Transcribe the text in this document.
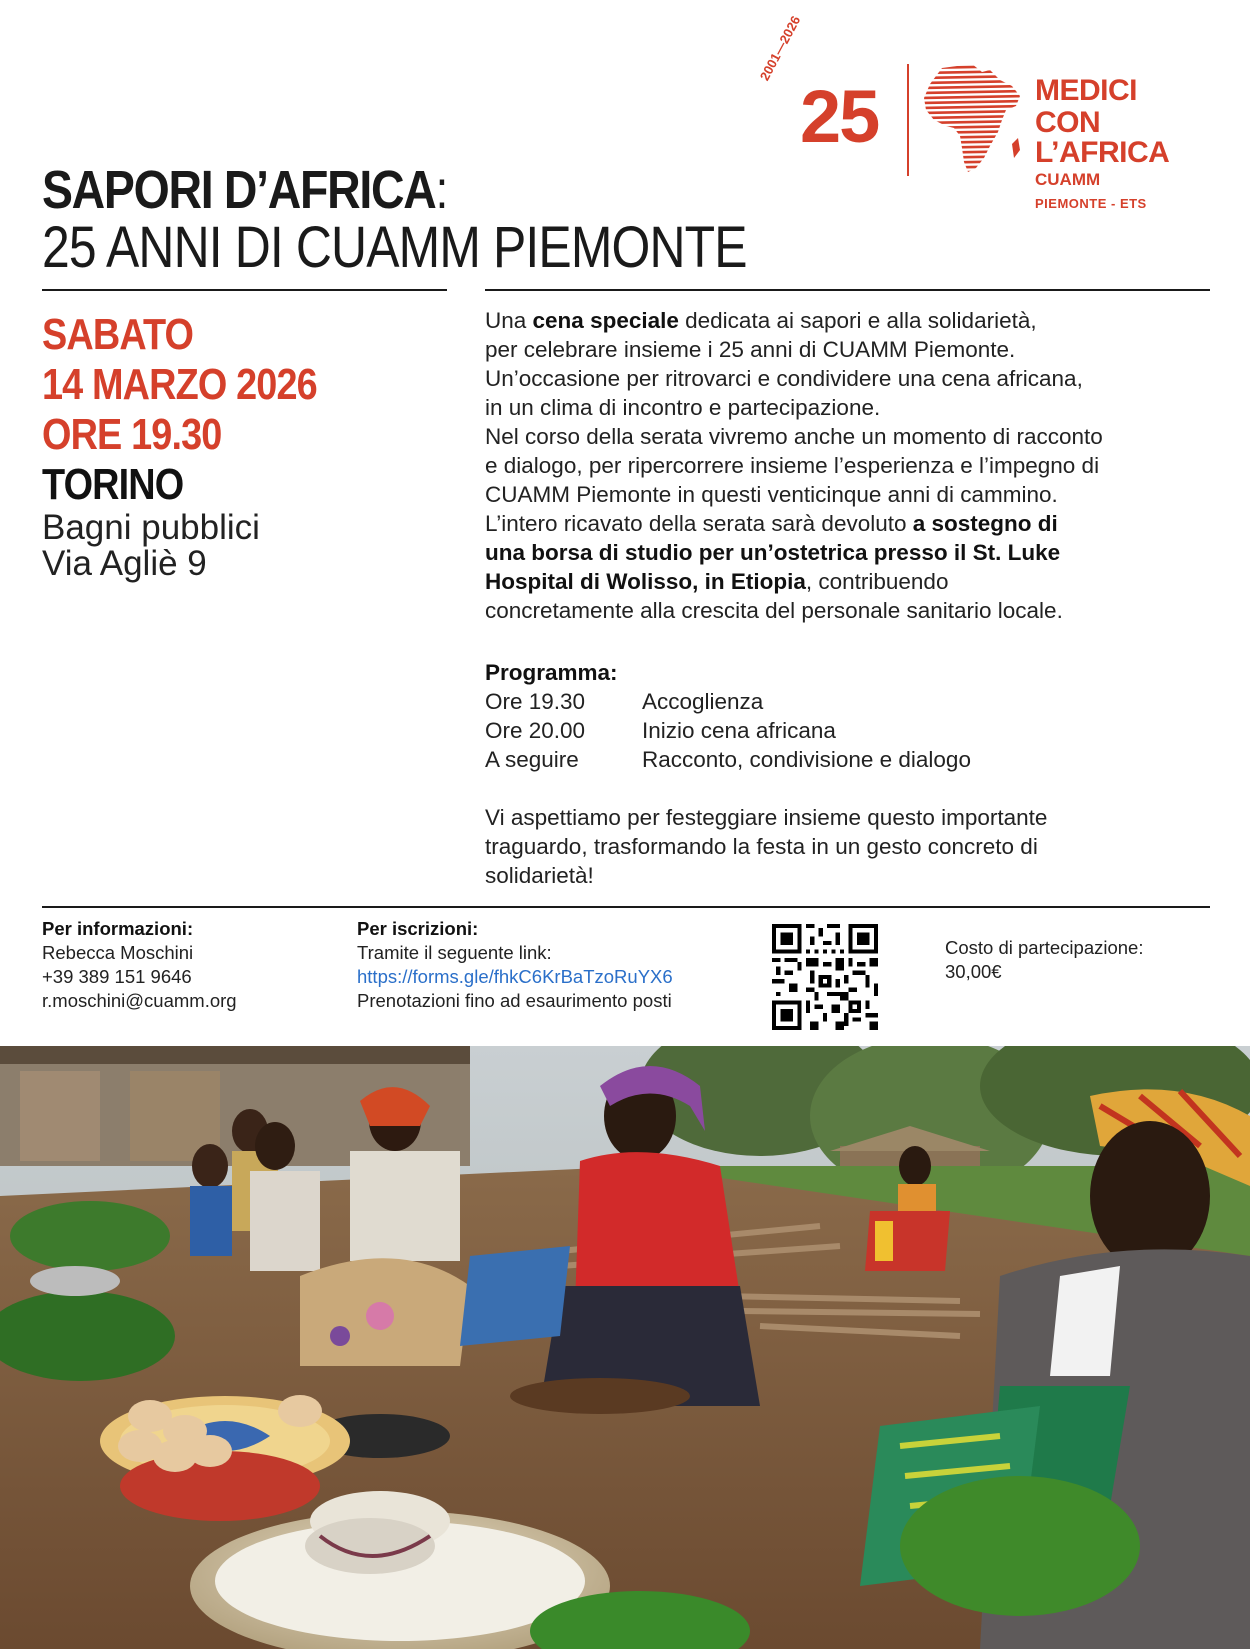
2001—2026
25	MEDICI
CON L’AFRICA
CUAMM
PIEMONTE - ETS
SAPORI D’AFRICA:
25 ANNI DI CUAMM PIEMONTE
SABATO
14 MARZO 2026
ORE 19.30
TORINO
Bagni pubblici
Via Agliè 9

Una cena speciale dedicata ai sapori e alla solidarietà,

per celebrare insieme i 25 anni di CUAMM Piemonte.

Un’occasione per ritrovarci e condividere una cena africana,

in un clima di incontro e partecipazione.

Nel corso della serata vivremo anche un momento di racconto

e dialogo, per ripercorrere insieme l’esperienza e l’impegno di

CUAMM Piemonte in questi venticinque anni di cammino.

L’intero ricavato della serata sarà devoluto a sostegno di

una borsa di studio per un’ostetrica presso il St. Luke

Hospital di Wolisso, in Etiopia, contribuendo

concretamente alla crescita del personale sanitario locale.

Programma:
Ore 19.30	Accoglienza
Ore 20.00	Inizio cena africana
A seguire	Racconto, condivisione e dialogo
Vi aspettiamo per festeggiare insieme questo importante
traguardo, trasformando la festa in un gesto concreto di
solidarietà!
Per informazioni:
Rebecca Moschini
+39 389 151 9646
r.moschini@cuamm.org
Per iscrizioni:
Tramite il seguente link:
https://forms.gle/fhkC6KrBaTzoRuYX6
Prenotazioni fino ad esaurimento posti
Costo di partecipazione:
30,00€
